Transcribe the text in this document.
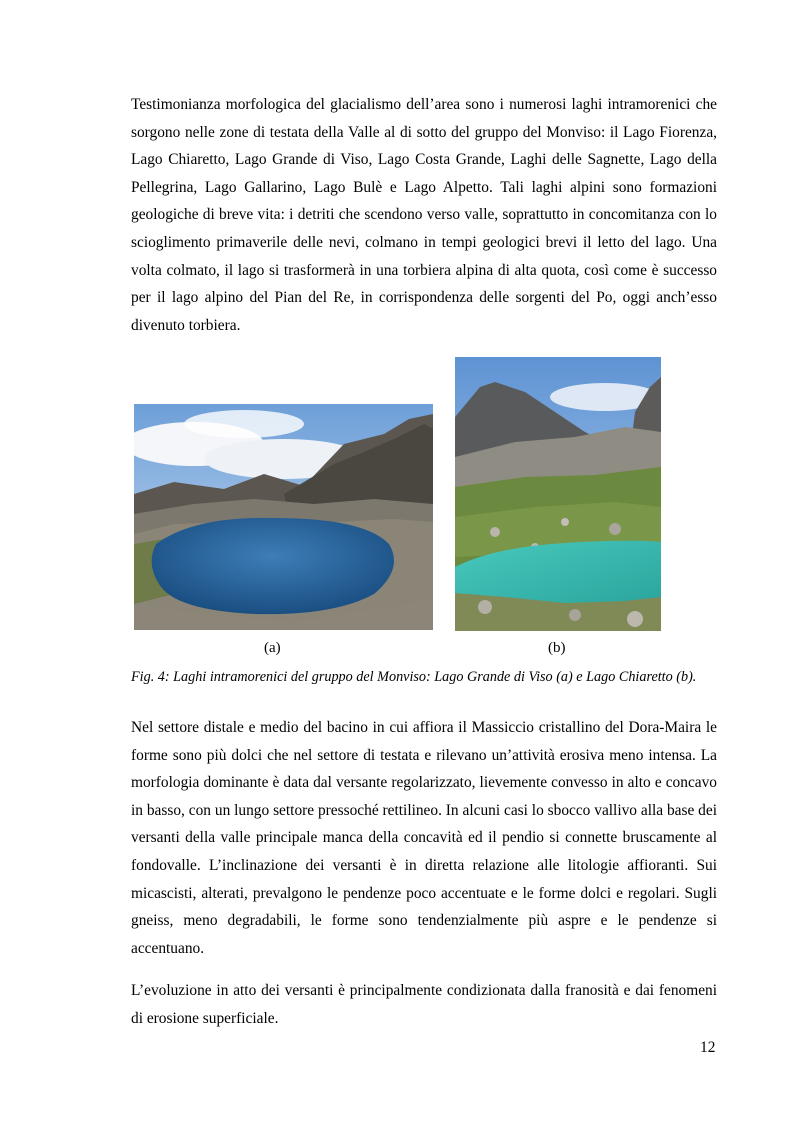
Testimonianza morfologica del glacialismo dell’area sono i numerosi laghi intramorenici che sorgono nelle zone di testata della Valle al di sotto del gruppo del Monviso: il Lago Fiorenza, Lago Chiaretto, Lago Grande di Viso, Lago Costa Grande, Laghi delle Sagnette, Lago della Pellegrina, Lago Gallarino, Lago Bulè e Lago Alpetto. Tali laghi alpini sono formazioni geologiche di breve vita: i detriti che scendono verso valle, soprattutto in concomitanza con lo scioglimento primaverile delle nevi, colmano in tempi geologici brevi il letto del lago. Una volta colmato, il lago si trasformerà in una torbiera alpina di alta quota, così come è successo per il lago alpino del Pian del Re, in corrispondenza delle sorgenti del Po, oggi anch’esso divenuto torbiera.

(a)	(b)

Fig. 4: Laghi intramorenici del gruppo del Monviso: Lago Grande di Viso (a) e Lago Chiaretto (b).

Nel settore distale e medio del bacino in cui affiora il Massiccio cristallino del Dora-Maira le forme sono più dolci che nel settore di testata e rilevano un’attività erosiva meno intensa. La morfologia dominante è data dal versante regolarizzato, lievemente convesso in alto e concavo in basso, con un lungo settore pressoché rettilineo. In alcuni casi lo sbocco vallivo alla base dei versanti della valle principale manca della concavità ed il pendio si connette bruscamente al fondovalle. L’inclinazione dei versanti è in diretta relazione alle litologie affioranti. Sui micascisti, alterati, prevalgono le pendenze poco accentuate e le forme dolci e regolari. Sugli gneiss, meno degradabili, le forme sono tendenzialmente più aspre e le pendenze si accentuano.

L’evoluzione in atto dei versanti è principalmente condizionata dalla franosità e dai fenomeni di erosione superficiale.

12
